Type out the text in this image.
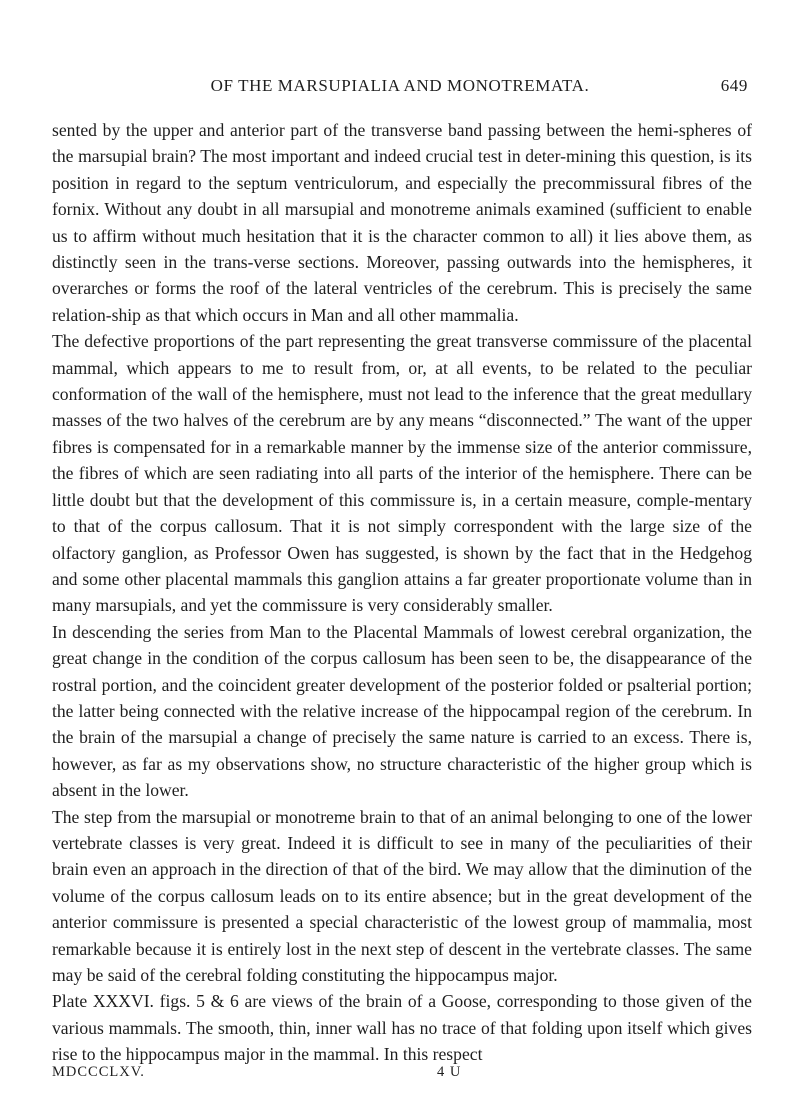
OF THE MARSUPIALIA AND MONOTREMATA.	649

sented by the upper and anterior part of the transverse band passing between the hemi-spheres of the marsupial brain? The most important and indeed crucial test in deter-mining this question, is its position in regard to the septum ventriculorum, and especially the precommissural fibres of the fornix. Without any doubt in all marsupial and monotreme animals examined (sufficient to enable us to affirm without much hesitation that it is the character common to all) it lies above them, as distinctly seen in the trans-verse sections. Moreover, passing outwards into the hemispheres, it overarches or forms the roof of the lateral ventricles of the cerebrum. This is precisely the same relation-ship as that which occurs in Man and all other mammalia.

The defective proportions of the part representing the great transverse commissure of the placental mammal, which appears to me to result from, or, at all events, to be related to the peculiar conformation of the wall of the hemisphere, must not lead to the inference that the great medullary masses of the two halves of the cerebrum are by any means “disconnected.” The want of the upper fibres is compensated for in a remarkable manner by the immense size of the anterior commissure, the fibres of which are seen radiating into all parts of the interior of the hemisphere. There can be little doubt but that the development of this commissure is, in a certain measure, comple-mentary to that of the corpus callosum. That it is not simply correspondent with the large size of the olfactory ganglion, as Professor Owen has suggested, is shown by the fact that in the Hedgehog and some other placental mammals this ganglion attains a far greater proportionate volume than in many marsupials, and yet the commissure is very considerably smaller.

In descending the series from Man to the Placental Mammals of lowest cerebral organization, the great change in the condition of the corpus callosum has been seen to be, the disappearance of the rostral portion, and the coincident greater development of the posterior folded or psalterial portion; the latter being connected with the relative increase of the hippocampal region of the cerebrum. In the brain of the marsupial a change of precisely the same nature is carried to an excess. There is, however, as far as my observations show, no structure characteristic of the higher group which is absent in the lower.

The step from the marsupial or monotreme brain to that of an animal belonging to one of the lower vertebrate classes is very great. Indeed it is difficult to see in many of the peculiarities of their brain even an approach in the direction of that of the bird. We may allow that the diminution of the volume of the corpus callosum leads on to its entire absence; but in the great development of the anterior commissure is presented a special characteristic of the lowest group of mammalia, most remarkable because it is entirely lost in the next step of descent in the vertebrate classes. The same may be said of the cerebral folding constituting the hippocampus major.

Plate XXXVI. figs. 5 & 6 are views of the brain of a Goose, corresponding to those given of the various mammals. The smooth, thin, inner wall has no trace of that folding upon itself which gives rise to the hippocampus major in the mammal. In this respect

MDCCCLXV.	4 U
